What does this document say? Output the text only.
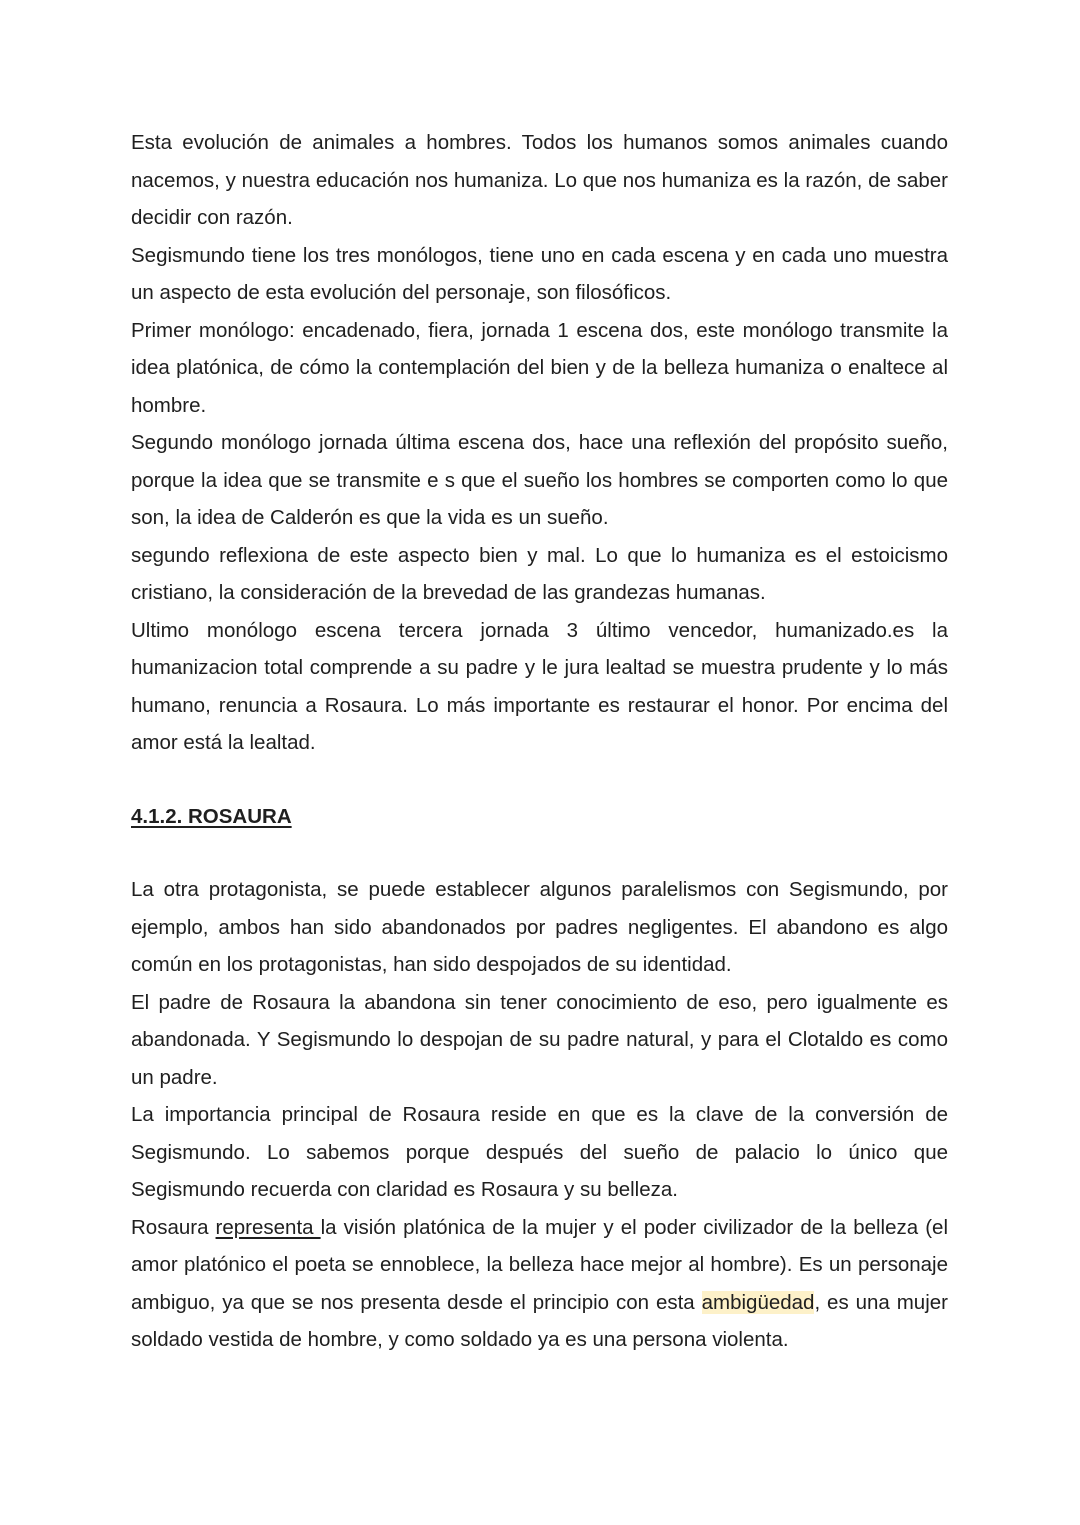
Esta evolución de animales a hombres. Todos los humanos somos animales cuando nacemos, y nuestra educación nos humaniza. Lo que nos humaniza es la razón, de saber decidir con razón.

Segismundo tiene los tres monólogos, tiene uno en cada escena y en cada uno muestra un aspecto de esta evolución del personaje, son filosóficos.

Primer monólogo: encadenado, fiera, jornada 1 escena dos, este monólogo transmite la idea platónica, de cómo la contemplación del bien y de la belleza humaniza o enaltece al hombre.

Segundo monólogo jornada última escena dos, hace una reflexión del propósito sueño, porque la idea que se transmite e s que el sueño los hombres se comporten como lo que son, la idea de Calderón es que la vida es un sueño.

segundo reflexiona de este aspecto bien y mal. Lo que lo humaniza es el estoicismo cristiano, la consideración de la brevedad de las grandezas humanas.

Ultimo monólogo escena tercera jornada 3 último vencedor, humanizado.es la humanizacion total comprende a su padre y le jura lealtad se muestra prudente y lo más humano, renuncia a Rosaura. Lo más importante es restaurar el honor. Por encima del amor está la lealtad.

4.1.2. ROSAURA

La otra protagonista, se puede establecer algunos paralelismos con Segismundo, por ejemplo, ambos han sido abandonados por padres negligentes. El abandono es algo común en los protagonistas, han sido despojados de su identidad.

El padre de Rosaura la abandona sin tener conocimiento de eso, pero igualmente es abandonada. Y Segismundo lo despojan de su padre natural, y para el Clotaldo es como un padre.

La importancia principal de Rosaura reside en que es la clave de la conversión de Segismundo. Lo sabemos porque después del sueño de palacio lo único que Segismundo recuerda con claridad es Rosaura y su belleza.

Rosaura representa la visión platónica de la mujer y el poder civilizador de la belleza (el amor platónico el poeta se ennoblece, la belleza hace mejor al hombre). Es un personaje ambiguo, ya que se nos presenta desde el principio con esta ambigüedad, es una mujer soldado vestida de hombre, y como soldado ya es una persona violenta.
